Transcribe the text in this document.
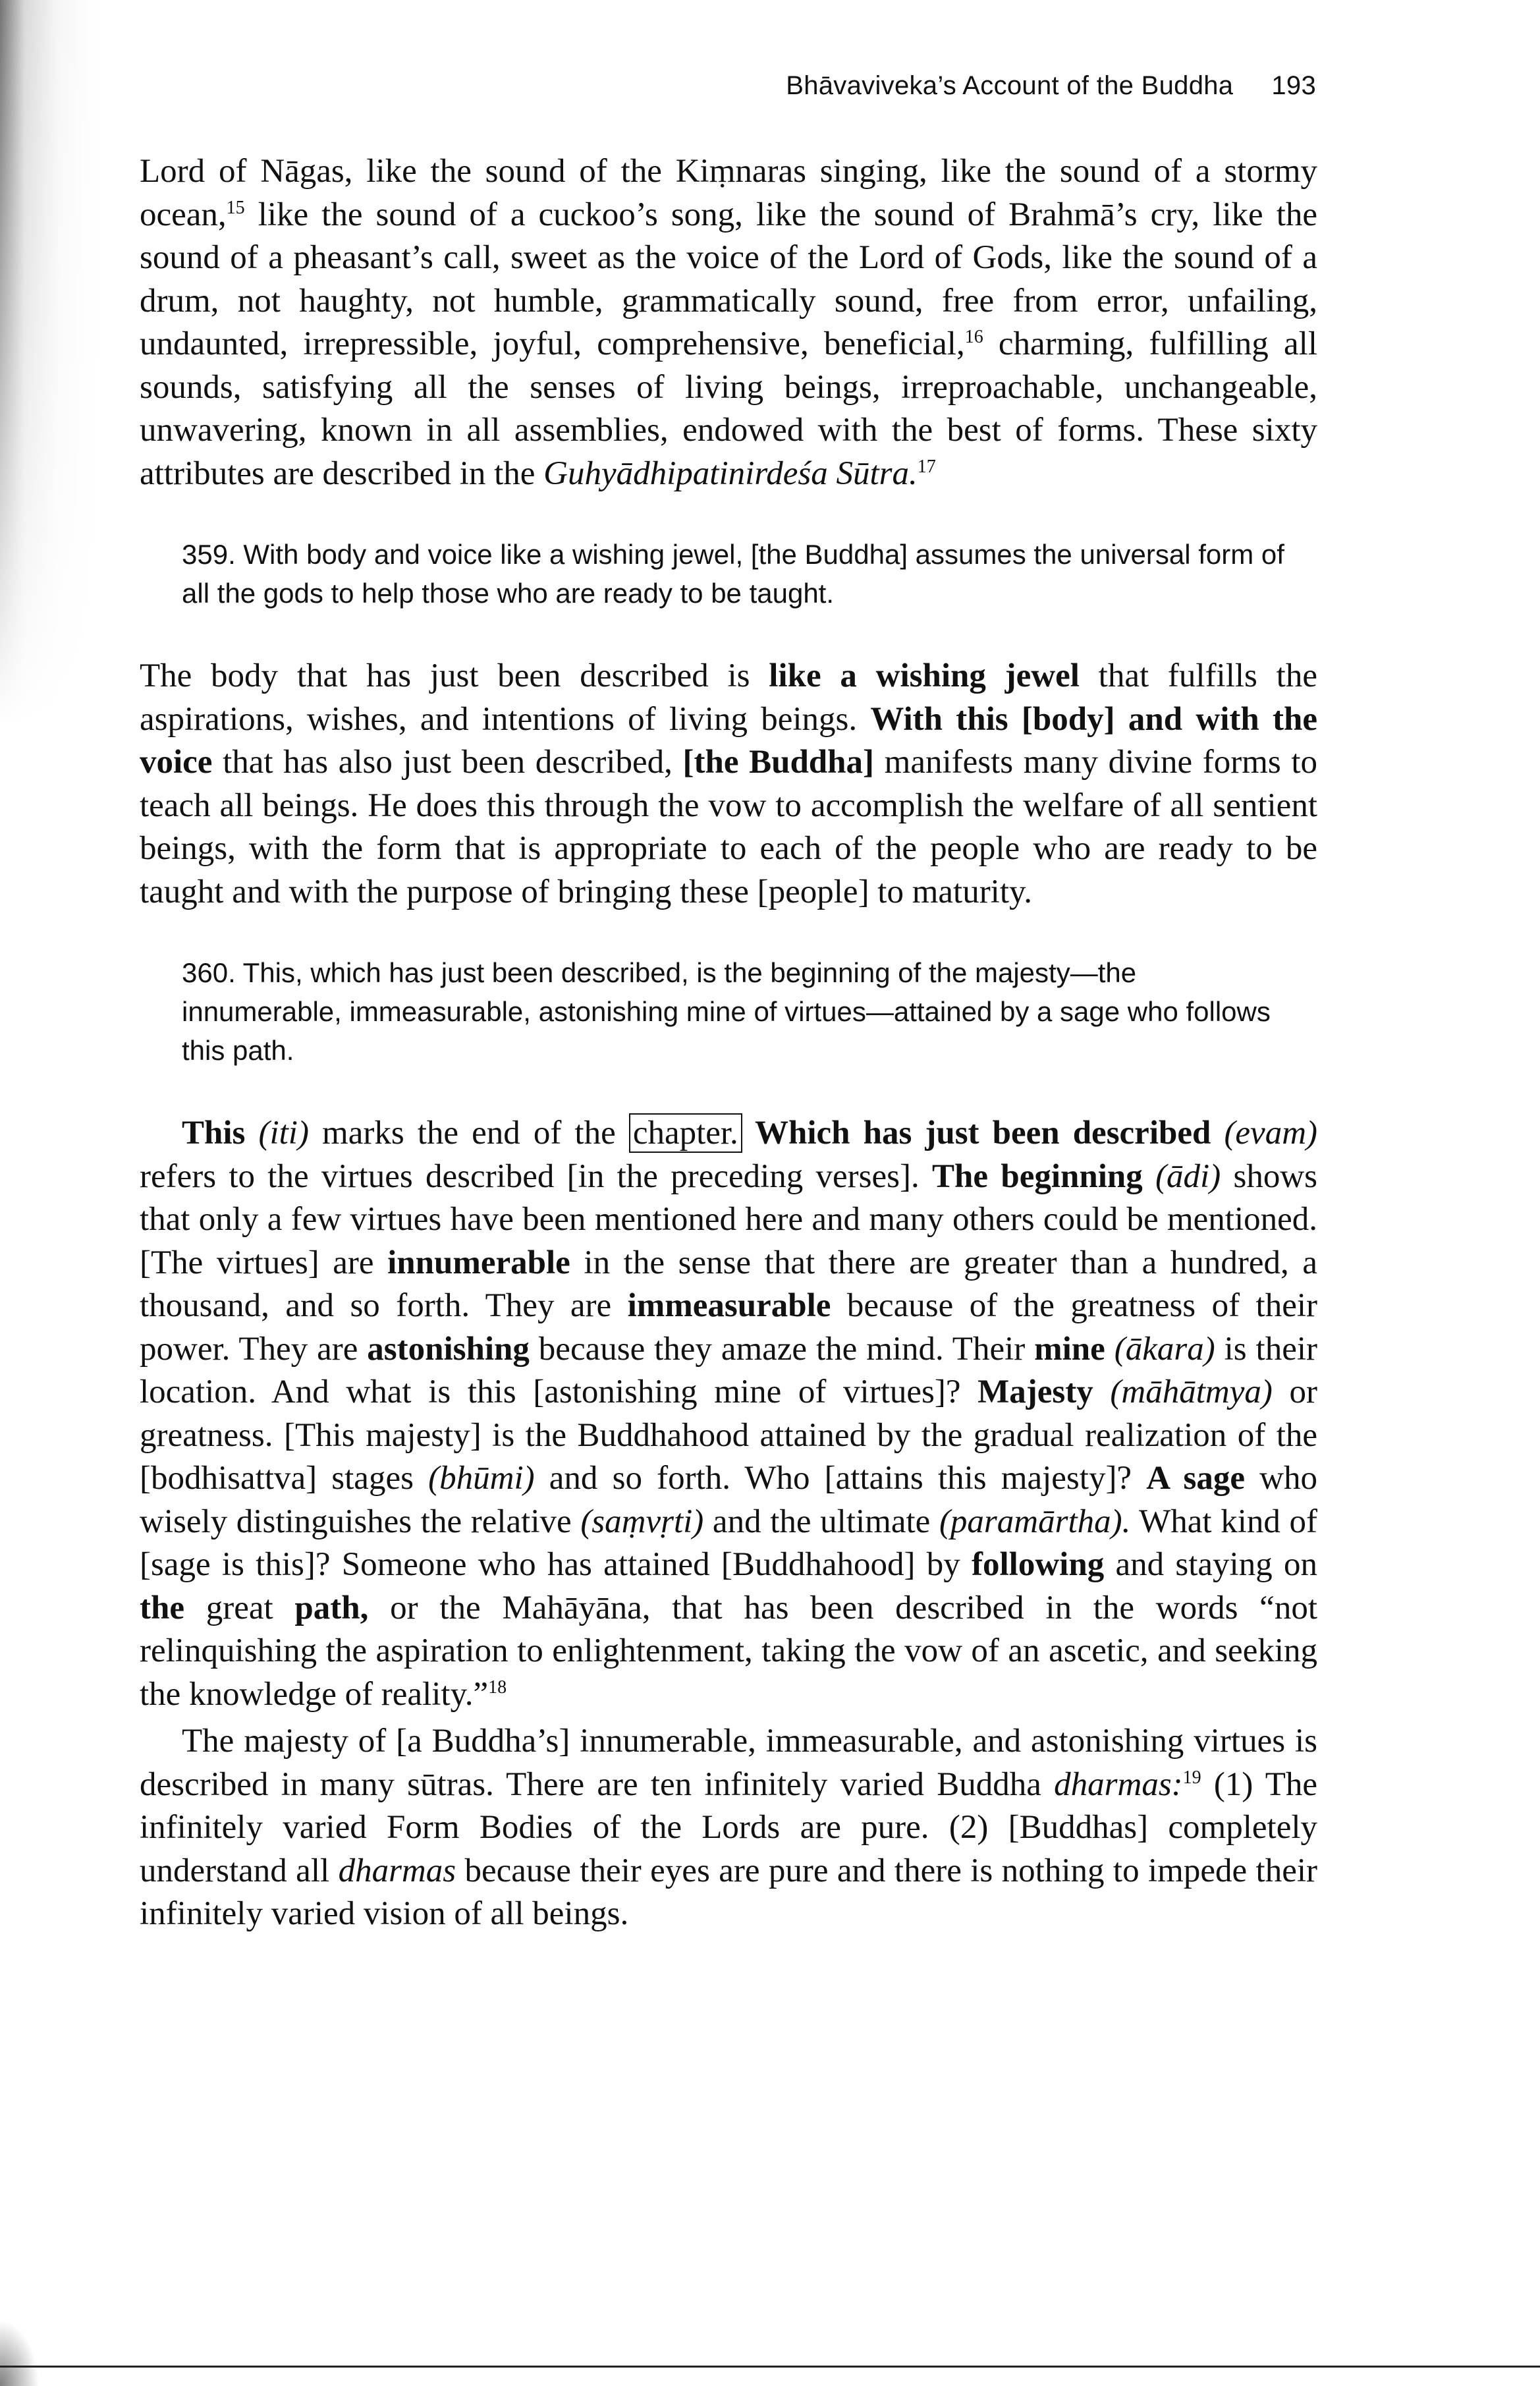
Bhāvaviveka’s Account of the Buddha 193

Lord of Nāgas, like the sound of the Kiṃnaras singing, like the sound of a stormy ocean,$^{15}$ like the sound of a cuckoo’s song, like the sound of Brahmā’s cry, like the sound of a pheasant’s call, sweet as the voice of the Lord of Gods, like the sound of a drum, not haughty, not humble, grammatically sound, free from error, unfailing, undaunted, irrepressible, joyful, comprehensive, beneficial,$^{16}$ charming, fulfilling all sounds, satisfying all the senses of living beings, irreproachable, unchangeable, unwavering, known in all assemblies, endowed with the best of forms. These sixty attributes are described in the Guhyādhipatinirdeśa Sūtra.$^{17}$

359. With body and voice like a wishing jewel, [the Buddha] assumes the universal form of all the gods to help those who are ready to be taught.

The body that has just been described is like a wishing jewel that fulfills the aspirations, wishes, and intentions of living beings. With this [body] and with the voice that has also just been described, [the Buddha] manifests many divine forms to teach all beings. He does this through the vow to accomplish the welfare of all sentient beings, with the form that is appropriate to each of the people who are ready to be taught and with the purpose of bringing these [people] to maturity.

360. This, which has just been described, is the beginning of the majesty—the innumerable, immeasurable, astonishing mine of virtues—attained by a sage who follows this path.

This (iti) marks the end of the chapter. Which has just been described (evam) refers to the virtues described [in the preceding verses]. The beginning (ādi) shows that only a few virtues have been mentioned here and many others could be mentioned. [The virtues] are innumerable in the sense that there are greater than a hundred, a thousand, and so forth. They are immeasurable because of the greatness of their power. They are astonishing because they amaze the mind. Their mine (ākara) is their location. And what is this [astonishing mine of virtues]? Majesty (māhātmya) or greatness. [This majesty] is the Buddhahood attained by the gradual realization of the [bodhisattva] stages (bhūmi) and so forth. Who [attains this majesty]? A sage who wisely distinguishes the relative (saṃvṛti) and the ultimate (paramārtha). What kind of [sage is this]? Someone who has attained [Buddhahood] by following and staying on the great path, or the Mahāyāna, that has been described in the words “not relinquishing the aspiration to enlightenment, taking the vow of an ascetic, and seeking the knowledge of reality.”$^{18}$

The majesty of [a Buddha’s] innumerable, immeasurable, and astonishing virtues is described in many sūtras. There are ten infinitely varied Buddha dharmas:$^{19}$ (1) The infinitely varied Form Bodies of the Lords are pure. (2) [Buddhas] completely understand all dharmas because their eyes are pure and there is nothing to impede their infinitely varied vision of all beings.
